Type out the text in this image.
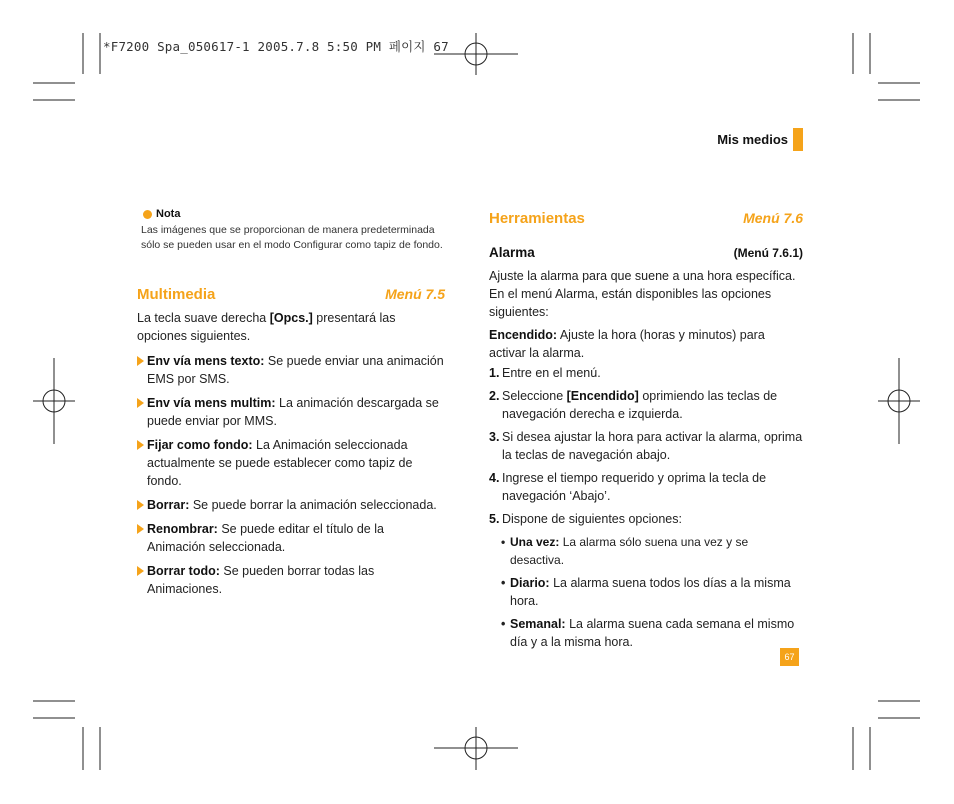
*F7200 Spa_050617-1 2005.7.8 5:50 PM 페이지 67
Mis medios
Nota
Las imágenes que se proporcionan de manera predeterminada sólo se pueden usar en el modo Configurar como tapiz de fondo.
Multimedia	Menú 7.5

La tecla suave derecha [Opcs.] presentará las opciones siguientes.

Env vía mens texto: Se puede enviar una animación EMS por SMS.
Env vía mens multim: La animación descargada se puede enviar por MMS.
Fijar como fondo: La Animación seleccionada actualmente se puede establecer como tapiz de fondo.
Borrar: Se puede borrar la animación seleccionada.
Renombrar: Se puede editar el título de la Animación seleccionada.
Borrar todo: Se pueden borrar todas las Animaciones.
Herramientas	Menú 7.6
Alarma	(Menú 7.6.1)

Ajuste la alarma para que suene a una hora específica. En el menú Alarma, están disponibles las opciones siguientes:

Encendido: Ajuste la hora (horas y minutos) para activar la alarma.

1. Entre en el menú.
2. Seleccione [Encendido] oprimiendo las teclas de navegación derecha e izquierda.
3. Si desea ajustar la hora para activar la alarma, oprima la teclas de navegación abajo.
4. Ingrese el tiempo requerido y oprima la tecla de navegación ‘Abajo’.
5. Dispone de siguientes opciones:
• Una vez: La alarma sólo suena una vez y se desactiva.
• Diario: La alarma suena todos los días a la misma hora.
• Semanal: La alarma suena cada semana el mismo día y a la misma hora.
67
